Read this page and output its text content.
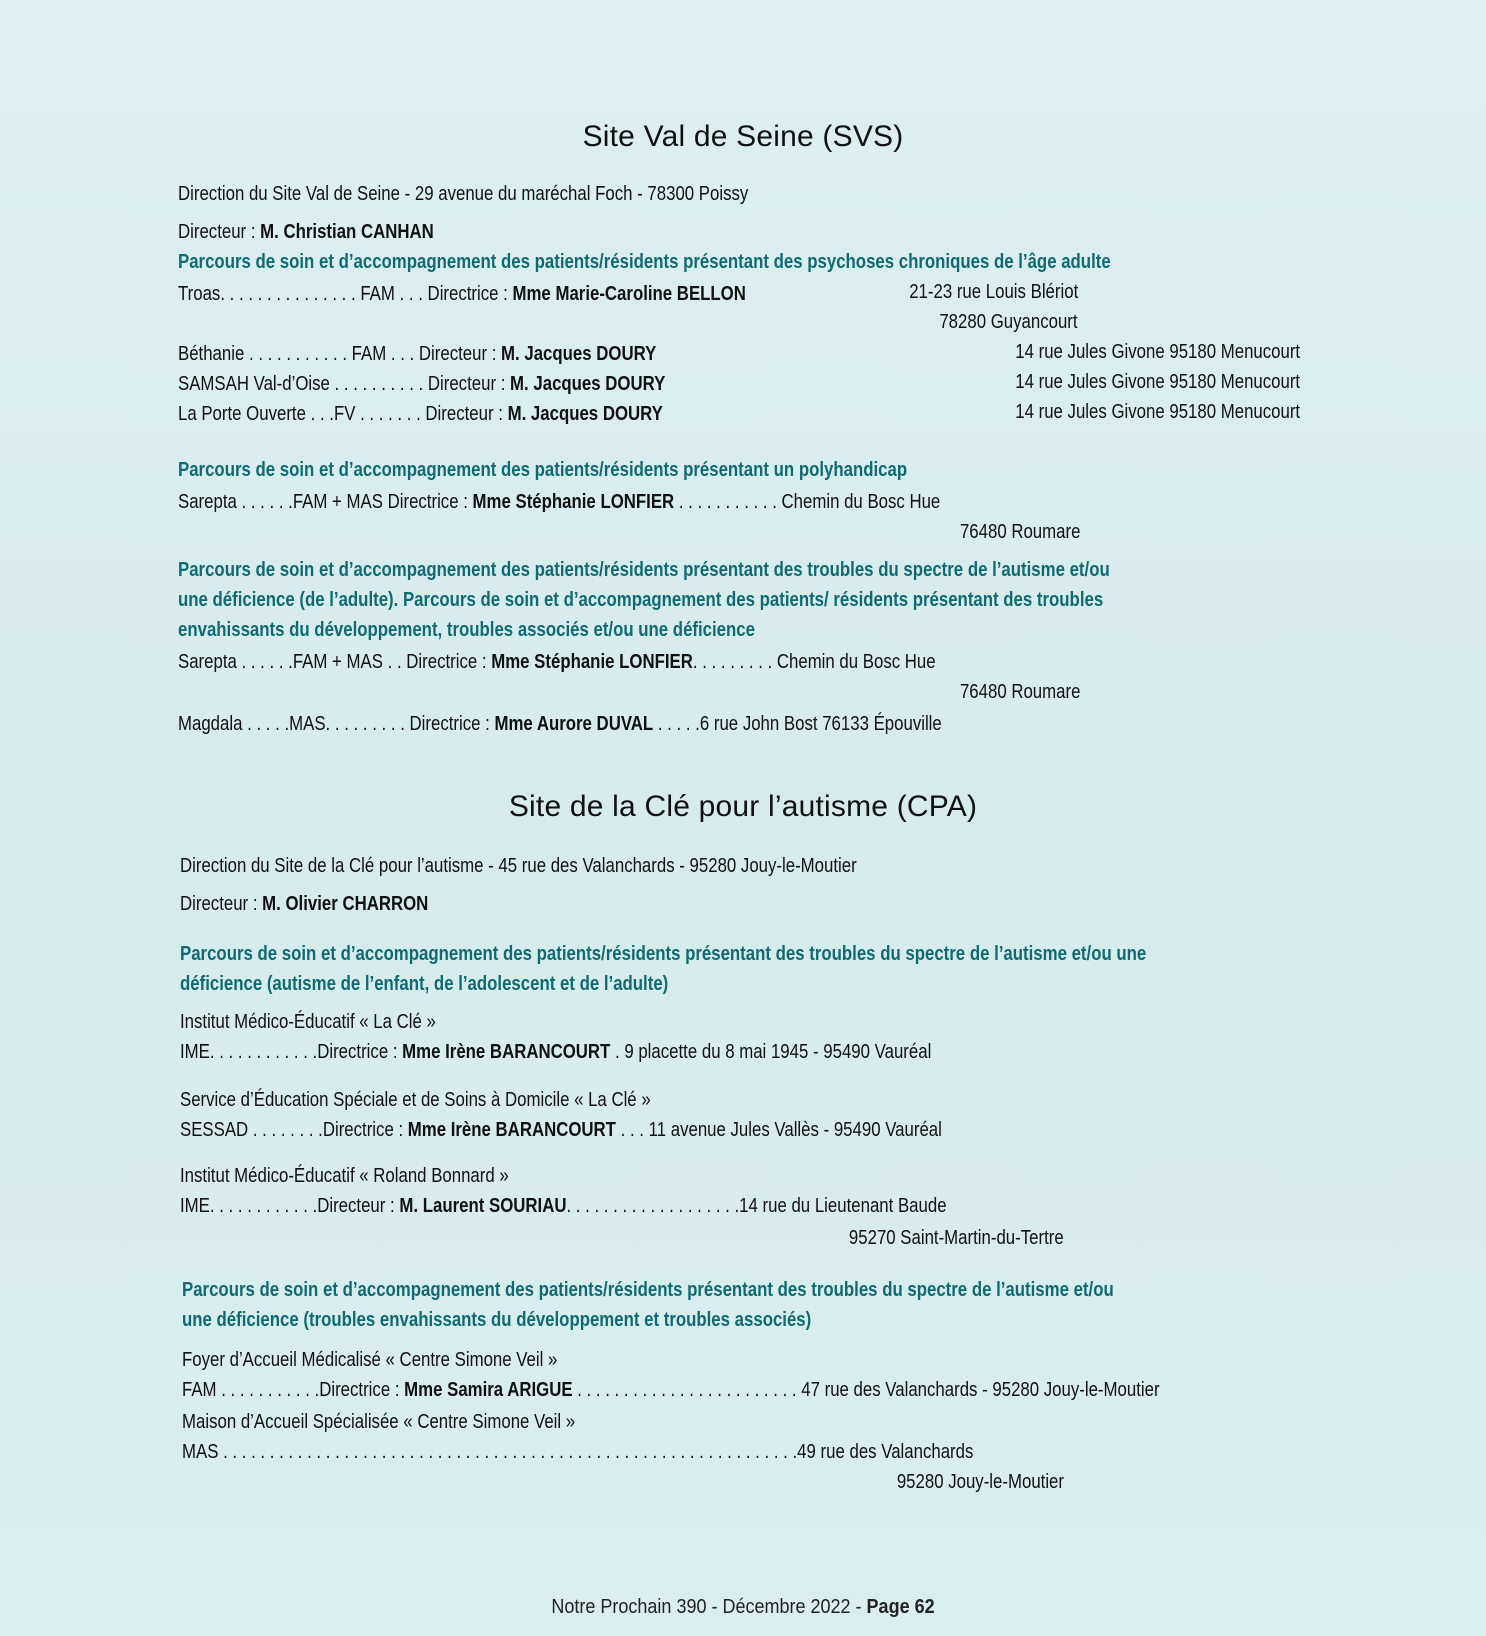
Site Val de Seine (SVS)
Direction du Site Val de Seine - 29 avenue du maréchal Foch - 78300 Poissy
Directeur : M. Christian CANHAN
Parcours de soin et d’accompagnement des patients/résidents présentant des psychoses chroniques de l’âge adulte
Troas. . . . . . . . . . . . . . . FAM . . . Directrice : Mme Marie-Caroline BELLON	21-23 rue Louis Blériot
78280 Guyancourt
Béthanie . . . . . . . . . . . FAM . . . Directeur : M. Jacques DOURY	14 rue Jules Givone 95180 Menucourt
SAMSAH Val-d’Oise . . . . . . . . . . Directeur : M. Jacques DOURY	14 rue Jules Givone 95180 Menucourt
La Porte Ouverte . . .FV . . . . . . . Directeur : M. Jacques DOURY	14 rue Jules Givone 95180 Menucourt
Parcours de soin et d’accompagnement des patients/résidents présentant un polyhandicap
Sarepta . . . . . .FAM + MAS Directrice : Mme Stéphanie LONFIER . . . . . . . . . . . Chemin du Bosc Hue
76480 Roumare
Parcours de soin et d’accompagnement des patients/résidents présentant des troubles du spectre de l’autisme et/ou
une déficience (de l’adulte). Parcours de soin et d’accompagnement des patients/ résidents présentant des troubles
envahissants du développement, troubles associés et/ou une déficience
Sarepta . . . . . .FAM + MAS . . Directrice : Mme Stéphanie LONFIER. . . . . . . . . Chemin du Bosc Hue
76480 Roumare
Magdala . . . . .MAS. . . . . . . . . Directrice : Mme Aurore DUVAL . . . . .6 rue John Bost 76133 Épouville
Site de la Clé pour l’autisme (CPA)
Direction du Site de la Clé pour l’autisme - 45 rue des Valanchards - 95280 Jouy-le-Moutier
Directeur : M. Olivier CHARRON
Parcours de soin et d’accompagnement des patients/résidents présentant des troubles du spectre de l’autisme et/ou une
déficience (autisme de l’enfant, de l’adolescent et de l’adulte)
Institut Médico-Éducatif « La Clé »
IME. . . . . . . . . . . .Directrice : Mme Irène BARANCOURT . 9 placette du 8 mai 1945 - 95490 Vauréal
Service d’Éducation Spéciale et de Soins à Domicile « La Clé »
SESSAD . . . . . . . .Directrice : Mme Irène BARANCOURT . . . 11 avenue Jules Vallès - 95490 Vauréal
Institut Médico-Éducatif « Roland Bonnard »
IME. . . . . . . . . . . .Directeur : M. Laurent SOURIAU. . . . . . . . . . . . . . . . . . .14 rue du Lieutenant Baude
95270 Saint-Martin-du-Tertre
Parcours de soin et d’accompagnement des patients/résidents présentant des troubles du spectre de l’autisme et/ou
une déficience (troubles envahissants du développement et troubles associés)
Foyer d’Accueil Médicalisé « Centre Simone Veil »
FAM . . . . . . . . . . .Directrice : Mme Samira ARIGUE . . . . . . . . . . . . . . . . . . . . . . . . 47 rue des Valanchards - 95280 Jouy-le-Moutier
Maison d’Accueil Spécialisée « Centre Simone Veil »
MAS . . . . . . . . . . . . . . . . . . . . . . . . . . . . . . . . . . . . . . . . . . . . . . . . . . . . . . . . . . . . . .49 rue des Valanchards
95280 Jouy-le-Moutier
Notre Prochain 390 - Décembre 2022 - Page 62
